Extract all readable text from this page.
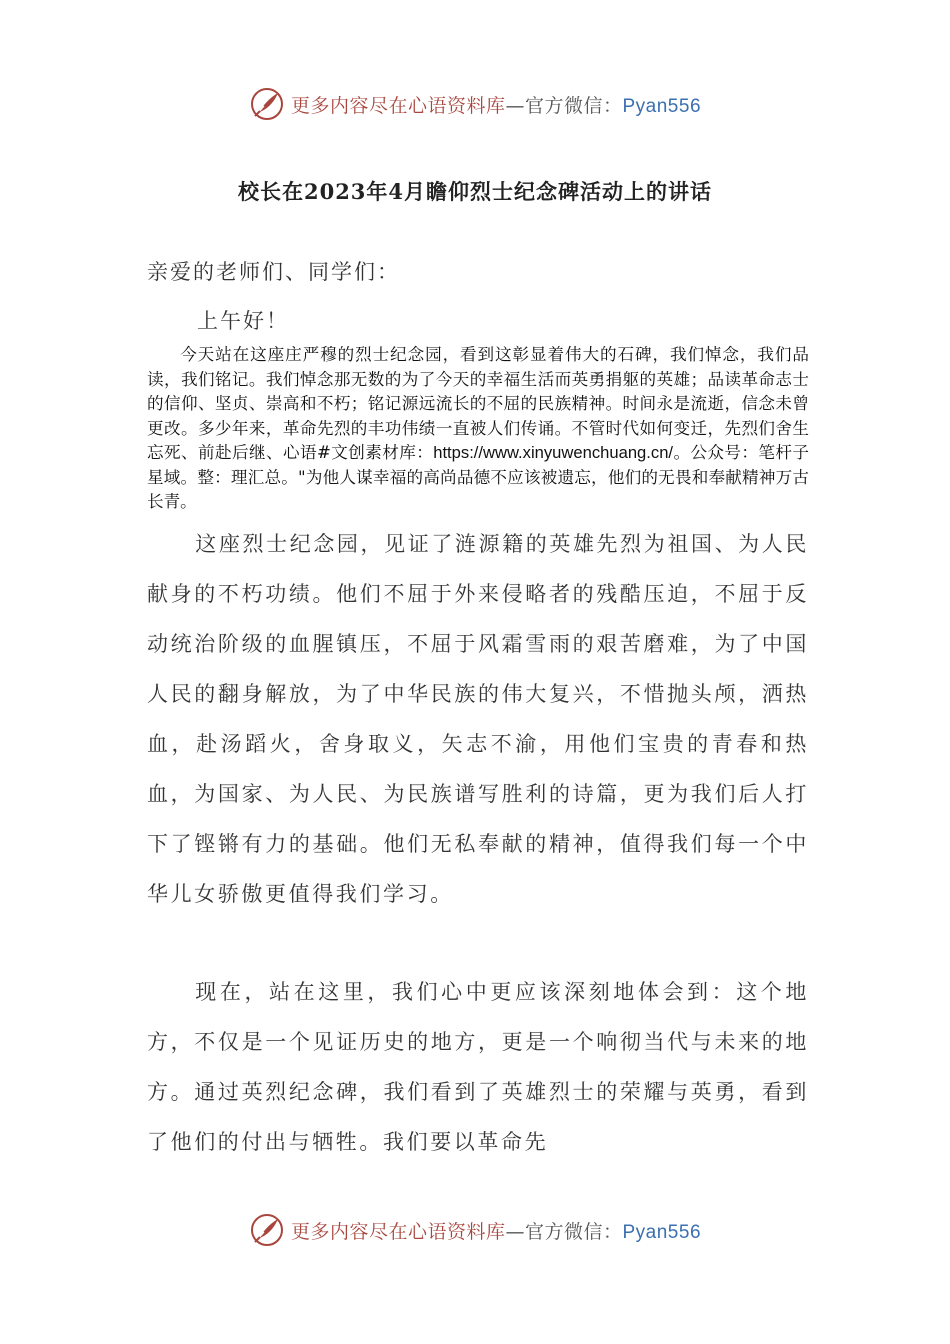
更多内容尽在心语资料库—官方微信：Pyan556
校长在2023年4月瞻仰烈士纪念碑活动上的讲话
亲爱的老师们、同学们：
上午好！
今天站在这座庄严穆的烈士纪念园，看到这彰显着伟大的石碑，我们悼念，我们品读，我们铭记。我们悼念那无数的为了今天的幸福生活而英勇捐躯的英雄；品读革命志士的信仰、坚贞、崇高和不朽；铭记源远流长的不屈的民族精神。时间永是流逝，信念未曾更改。多少年来，革命先烈的丰功伟绩一直被人们传诵。不管时代如何变迁，先烈们舍生忘死、前赴后继、心语#文创素材库：https://www.xinyuwenchuang.cn/。公众号：笔杆子星域。整：理汇总。"为他人谋幸福的高尚品德不应该被遗忘，他们的无畏和奉献精神万古长青。
这座烈士纪念园，见证了涟源籍的英雄先烈为祖国、为人民献身的不朽功绩。他们不屈于外来侵略者的残酷压迫，不屈于反动统治阶级的血腥镇压，不屈于风霜雪雨的艰苦磨难，为了中国人民的翻身解放，为了中华民族的伟大复兴，不惜抛头颅，洒热血，赴汤蹈火，舍身取义，矢志不渝，用他们宝贵的青春和热血，为国家、为人民、为民族谱写胜利的诗篇，更为我们后人打下了铿锵有力的基础。他们无私奉献的精神，值得我们每一个中华儿女骄傲更值得我们学习。
现在，站在这里，我们心中更应该深刻地体会到：这个地方，不仅是一个见证历史的地方，更是一个响彻当代与未来的地方。通过英烈纪念碑，我们看到了英雄烈士的荣耀与英勇，看到了他们的付出与牺牲。我们要以革命先
更多内容尽在心语资料库—官方微信：Pyan556
